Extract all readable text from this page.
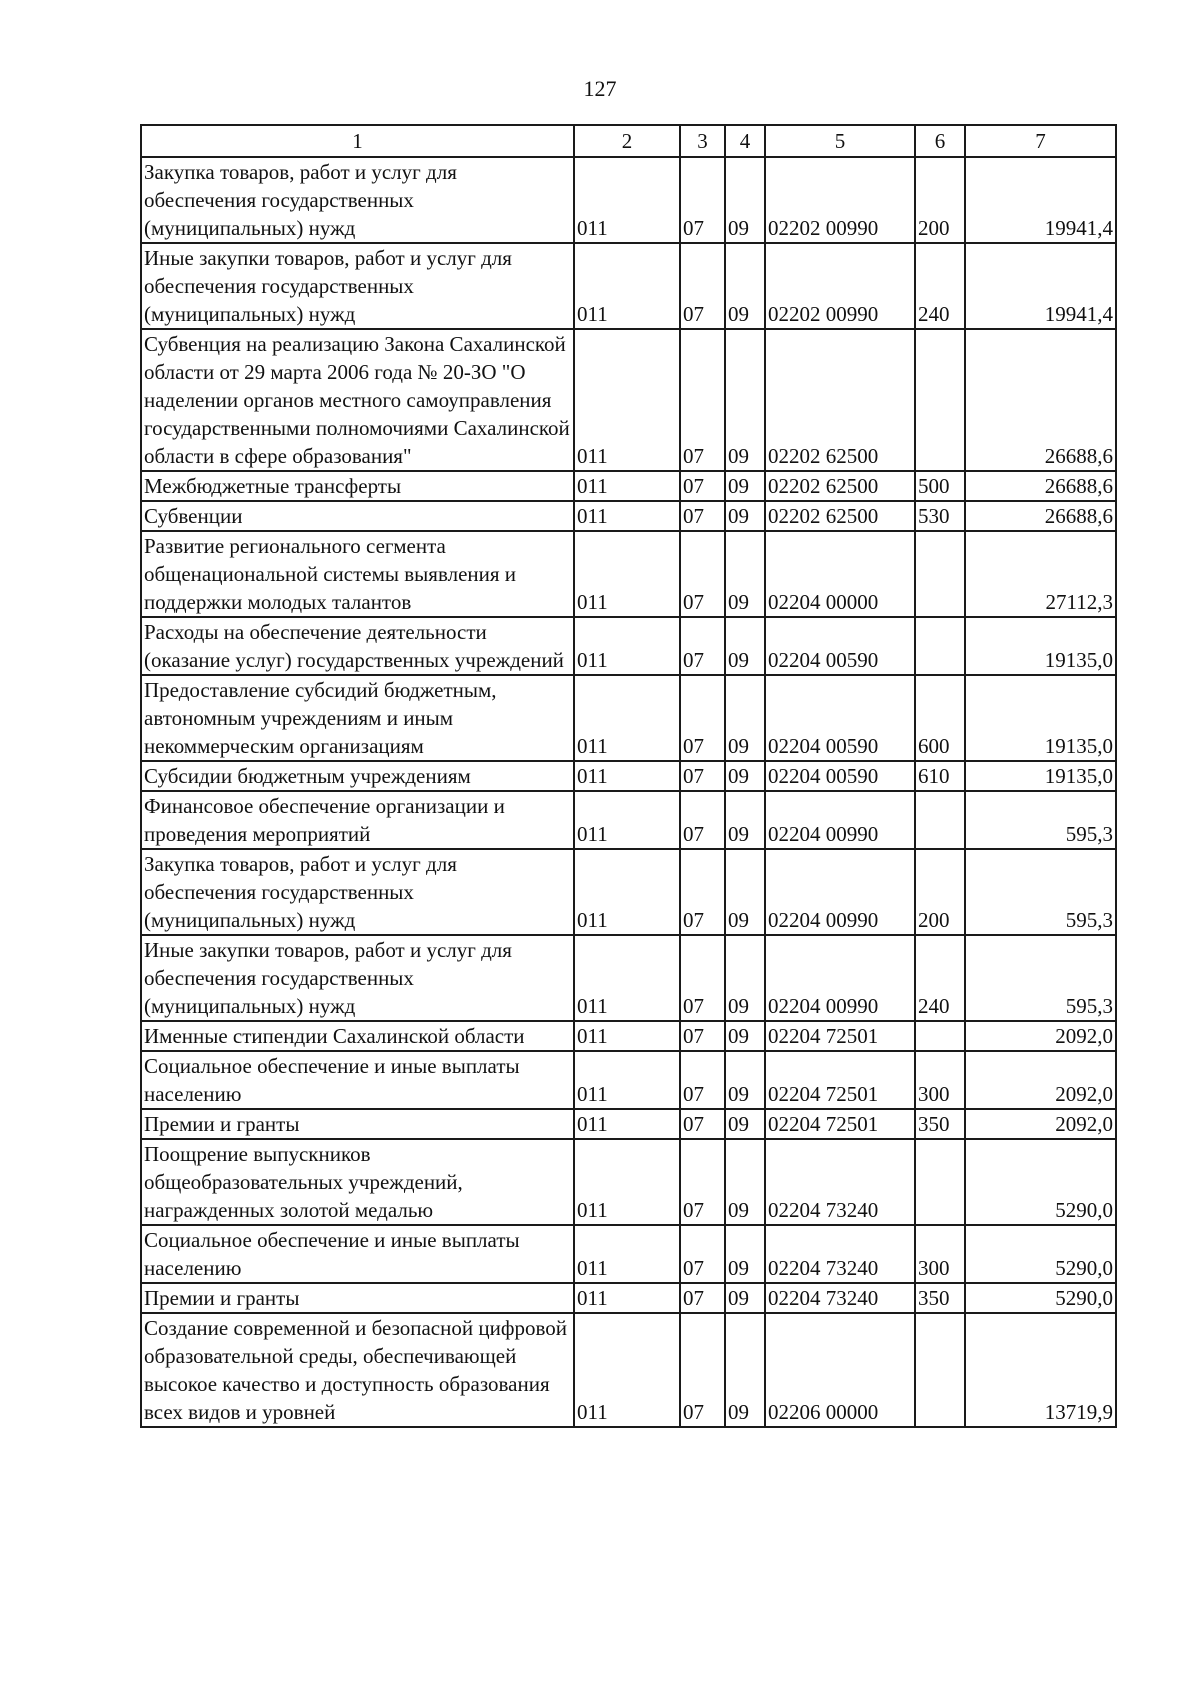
127
1	2	3	4	5	6	7
Закупка товаров, работ и услуг для обеспечения государственных (муниципальных) нужд	011	07	09	02202 00990	200	19941,4
Иные закупки товаров, работ и услуг для обеспечения государственных (муниципальных) нужд	011	07	09	02202 00990	240	19941,4
Субвенция на реализацию Закона Сахалинской области от 29 марта 2006 года № 20-ЗО "О наделении органов местного самоуправления государственными полномочиями Сахалинской области в сфере образования"	011	07	09	02202 62500		26688,6
Межбюджетные трансферты	011	07	09	02202 62500	500	26688,6
Субвенции	011	07	09	02202 62500	530	26688,6
Развитие регионального сегмента общенациональной системы выявления и поддержки молодых талантов	011	07	09	02204 00000		27112,3
Расходы на обеспечение деятельности (оказание услуг) государственных учреждений	011	07	09	02204 00590		19135,0
Предоставление субсидий бюджетным, автономным учреждениям и иным некоммерческим организациям	011	07	09	02204 00590	600	19135,0
Субсидии бюджетным учреждениям	011	07	09	02204 00590	610	19135,0
Финансовое обеспечение организации и проведения мероприятий	011	07	09	02204 00990		595,3
Закупка товаров, работ и услуг для обеспечения государственных (муниципальных) нужд	011	07	09	02204 00990	200	595,3
Иные закупки товаров, работ и услуг для обеспечения государственных (муниципальных) нужд	011	07	09	02204 00990	240	595,3
Именные стипендии Сахалинской области	011	07	09	02204 72501		2092,0
Социальное обеспечение и иные выплаты населению	011	07	09	02204 72501	300	2092,0
Премии и гранты	011	07	09	02204 72501	350	2092,0
Поощрение выпускников общеобразовательных учреждений, награжденных золотой медалью	011	07	09	02204 73240		5290,0
Социальное обеспечение и иные выплаты населению	011	07	09	02204 73240	300	5290,0
Премии и гранты	011	07	09	02204 73240	350	5290,0
Создание современной и безопасной цифровой образовательной среды, обеспечивающей высокое качество и доступность образования всех видов и уровней	011	07	09	02206 00000		13719,9
